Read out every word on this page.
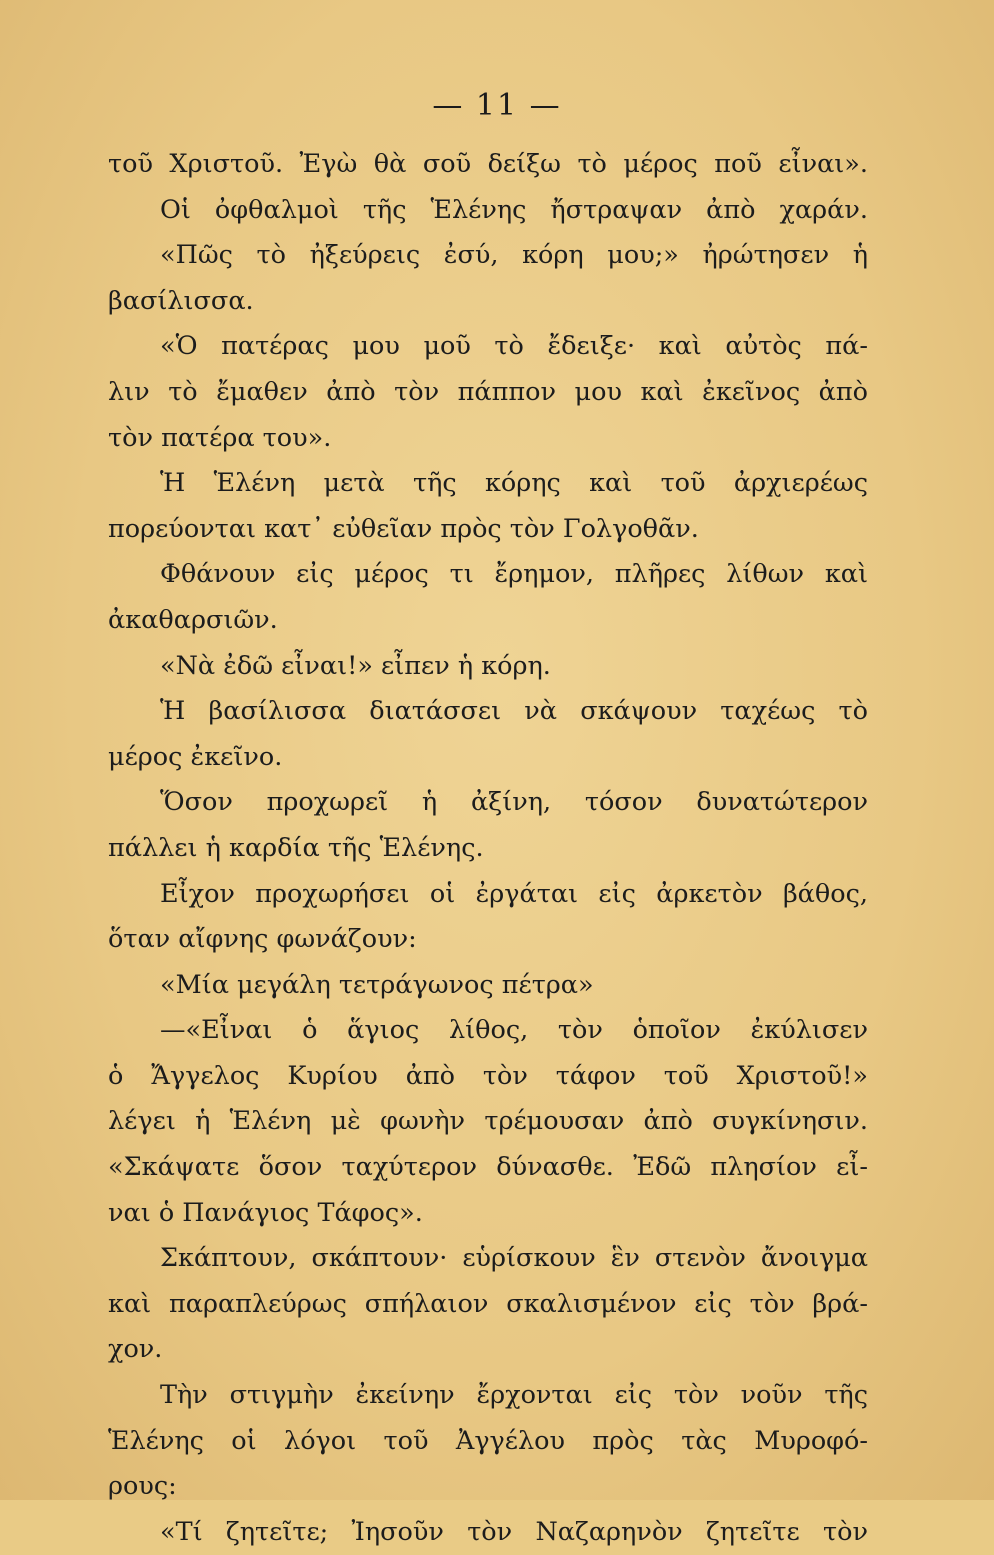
— 11 —
τοῦ Χριστοῦ. Ἐγὼ θὰ σοῦ δείξω τὸ μέρος ποῦ εἶναι».
Οἱ ὀφθαλμοὶ τῆς Ἑλένης ἤστραψαν ἀπὸ χαράν.
«Πῶς τὸ ἠξεύρεις ἐσύ, κόρη μου;» ἠρώτησεν ἡ
βασίλισσα.
«Ὁ πατέρας μου μοῦ τὸ ἔδειξε· καὶ αὐτὸς πά-
λιν τὸ ἔμαθεν ἀπὸ τὸν πάππον μου καὶ ἐκεῖνος ἀπὸ
τὸν πατέρα του».
Ἡ Ἑλένη μετὰ τῆς κόρης καὶ τοῦ ἀρχιερέως
πορεύονται κατ᾽ εὐθεῖαν πρὸς τὸν Γολγοθᾶν.
Φθάνουν εἰς μέρος τι ἔρημον, πλῆρες λίθων καὶ
ἀκαθαρσιῶν.
«Νὰ ἐδῶ εἶναι!» εἶπεν ἡ κόρη.
Ἡ βασίλισσα διατάσσει νὰ σκάψουν ταχέως τὸ
μέρος ἐκεῖνο.
Ὅσον προχωρεῖ ἡ ἀξίνη, τόσον δυνατώτερον
πάλλει ἡ καρδία τῆς Ἑλένης.
Εἶχον προχωρήσει οἱ ἐργάται εἰς ἀρκετὸν βάθος,
ὅταν αἴφνης φωνάζουν:
«Μία μεγάλη τετράγωνος πέτρα»
—«Εἶναι ὁ ἅγιος λίθος, τὸν ὁποῖον ἐκύλισεν
ὁ Ἄγγελος Κυρίου ἀπὸ τὸν τάφον τοῦ Χριστοῦ!»
λέγει ἡ Ἑλένη μὲ φωνὴν τρέμουσαν ἀπὸ συγκίνησιν.
«Σκάψατε ὅσον ταχύτερον δύνασθε. Ἐδῶ πλησίον εἶ-
ναι ὁ Πανάγιος Τάφος».
Σκάπτουν, σκάπτουν· εὑρίσκουν ἓν στενὸν ἄνοιγμα
καὶ παραπλεύρως σπήλαιον σκαλισμένον εἰς τὸν βρά-
χον.
Τὴν στιγμὴν ἐκείνην ἔρχονται εἰς τὸν νοῦν τῆς
Ἑλένης οἱ λόγοι τοῦ Ἀγγέλου πρὸς τὰς Μυροφό-
ρους:
«Τί ζητεῖτε; Ἰησοῦν τὸν Ναζαρηνὸν ζητεῖτε τὸν
